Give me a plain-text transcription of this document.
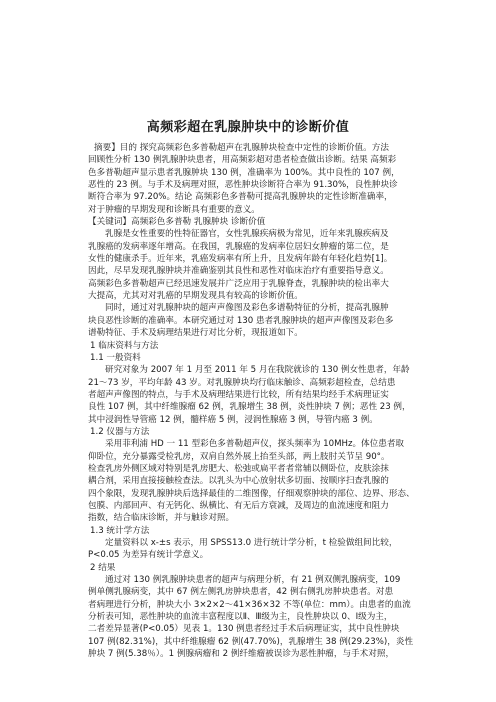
高频彩超在乳腺肿块中的诊断价值
摘要】目的 探究高频彩色多普勒超声在乳腺肿块检查中定性的诊断价值。方法
回顾性分析 130 例乳腺肿块患者，用高频彩超对患者检查做出诊断。结果 高频彩
色多普勒超声显示患者乳腺肿块 130 例，准确率为 100%。其中良性的 107 例，
恶性的 23 例。与手术及病理对照，恶性肿块诊断符合率为 91.30%，良性肿块诊
断符合率为 97.20%。结论 高频彩色多普勒可提高乳腺肿块的定性诊断准确率，
对于肿瘤的早期发现和诊断具有重要的意义。
【关键词】高频彩色多普勒 乳腺肿块 诊断价值
乳腺是女性重要的性特征器官，女性乳腺疾病极为常见，近年来乳腺疾病及
乳腺癌的发病率逐年增高。在我国，乳腺癌的发病率位居妇女肿瘤的第二位，是
女性的健康杀手。近年来，乳癌发病率有所上升，且发病年龄有年轻化趋势[1]。
因此，尽早发现乳腺肿块并准确鉴别其良性和恶性对临床治疗有重要指导意义。
高频彩色多普勒超声已经迅速发展并广泛应用于乳腺脊查，乳腺肿块的检出率大
大提高，尤其对对乳癌的早期发现具有较高的诊断价值。
同时，通过对乳腺肿块的超声声像图及彩色多谱勒特征的分析，提高乳腺肿
块良恶性诊断的准确率。本研究通过对 130 患者乳腺肿块的超声声像图及彩色多
谱勒特征、手术及病理结果进行对比分析，现报道如下。
1 临床资料与方法
1.1 一般资料
研究对象为 2007 年 1 月至 2011 年 5 月在我院就诊的 130 例女性患者，年龄
21～73 岁，平均年龄 43 岁。对乳腺肿块均行临床触诊、高频彩超检查，总结患
者超声声像图的特点，与手术及病理结果进行比较，所有结果均经手术病理证实
良性 107 例，其中纤维腺瘤 62 例，乳腺增生 38 例，炎性肿块 7 例；恶性 23 例，
其中浸润性导管癌 12 例，髓样癌 5 例，浸润性腺癌 3 例，导管内癌 3 例。
1.2 仪器与方法
采用菲利浦 HD 一 11 型彩色多普勒超声仪，探头频率为 10MHz。体位患者取
仰卧位，充分暴露受检乳房，双肩自然外展上抬至头部，两上肢肘关节呈 90°。
检查乳房外侧区域对特别是乳房肥大、松弛或扁平者者常辅以侧卧位，皮肤涂抹
耦合剂，采用直接接触检查法。以乳头为中心放射状多切面、按顺序扫查乳腺的
四个象限，发现乳腺肿块后选择最佳的二维图像，仔细观察肿块的部位、边界、形态、
包膜、内部回声、有无钙化、纵横比、有无后方衰减，及周边的血流速度和阻力
指数，结合临床诊断，并与触诊对照。
1.3 统计学方法
定量资料以 x-±s 表示，用 SPSS13.0 进行统计学分析，t 检验做组间比较，
P<0.05 为差异有统计学意义。
2 结果
通过对 130 例乳腺肿块患者的超声与病理分析，有 21 例双侧乳腺病变，109
例单侧乳腺病变，其中 67 例左侧乳房肿块患者，42 例右侧乳房肿块患者。对患
者病理进行分析，肿块大小 3×2×2～41×36×32 不等(单位：mm）。由患者的血流
分析表可知，恶性肿块的血流丰富程度以Ⅱ、Ⅲ级为主，良性肿块以 0、Ⅰ级为主，
二者差异显著(P<0.05）见表 1。130 例患者经过手术后病理证实，其中良性肿块
107 例(82.31%)，其中纤维腺瘤 62 例(47.70%)，乳腺增生 38 例(29.23%)，炎性
肿块 7 例(5.38％）。1 例腺病瘤和 2 例纤维瘤被误诊为恶性肿瘤，与手术对照，
